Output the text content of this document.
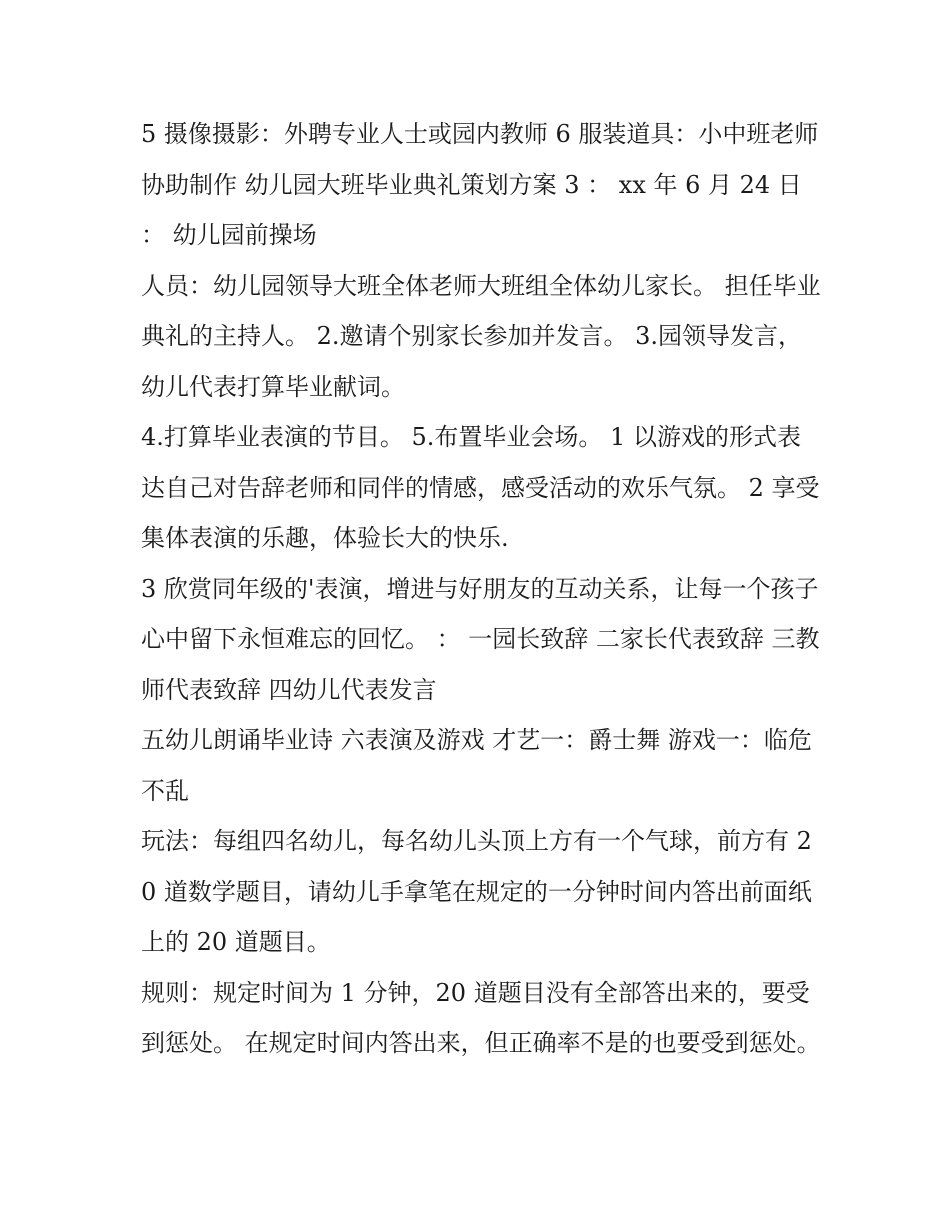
5 摄像摄影：外聘专业人士或园内教师 6 服装道具：小中班老师协助制作 幼儿园大班毕业典礼策划方案 3 ： xx 年 6 月 24 日 ： 幼儿园前操场

人员：幼儿园领导大班全体老师大班组全体幼儿家长。 担任毕业典礼的主持人。 2.邀请个别家长参加并发言。 3.园领导发言，幼儿代表打算毕业献词。

4.打算毕业表演的节目。 5.布置毕业会场。 1 以游戏的形式表达自己对告辞老师和同伴的情感，感受活动的欢乐气氛。 2 享受集体表演的乐趣，体验长大的快乐.

3 欣赏同年级的'表演，增进与好朋友的互动关系，让每一个孩子心中留下永恒难忘的回忆。 ： 一园长致辞 二家长代表致辞 三教师代表致辞 四幼儿代表发言

五幼儿朗诵毕业诗 六表演及游戏 才艺一：爵士舞 游戏一：临危不乱

玩法：每组四名幼儿，每名幼儿头顶上方有一个气球，前方有 20 道数学题目，请幼儿手拿笔在规定的一分钟时间内答出前面纸上的 20 道题目。

规则：规定时间为 1 分钟，20 道题目没有全部答出来的，要受到惩处。 在规定时间内答出来，但正确率不是的也要受到惩处。
